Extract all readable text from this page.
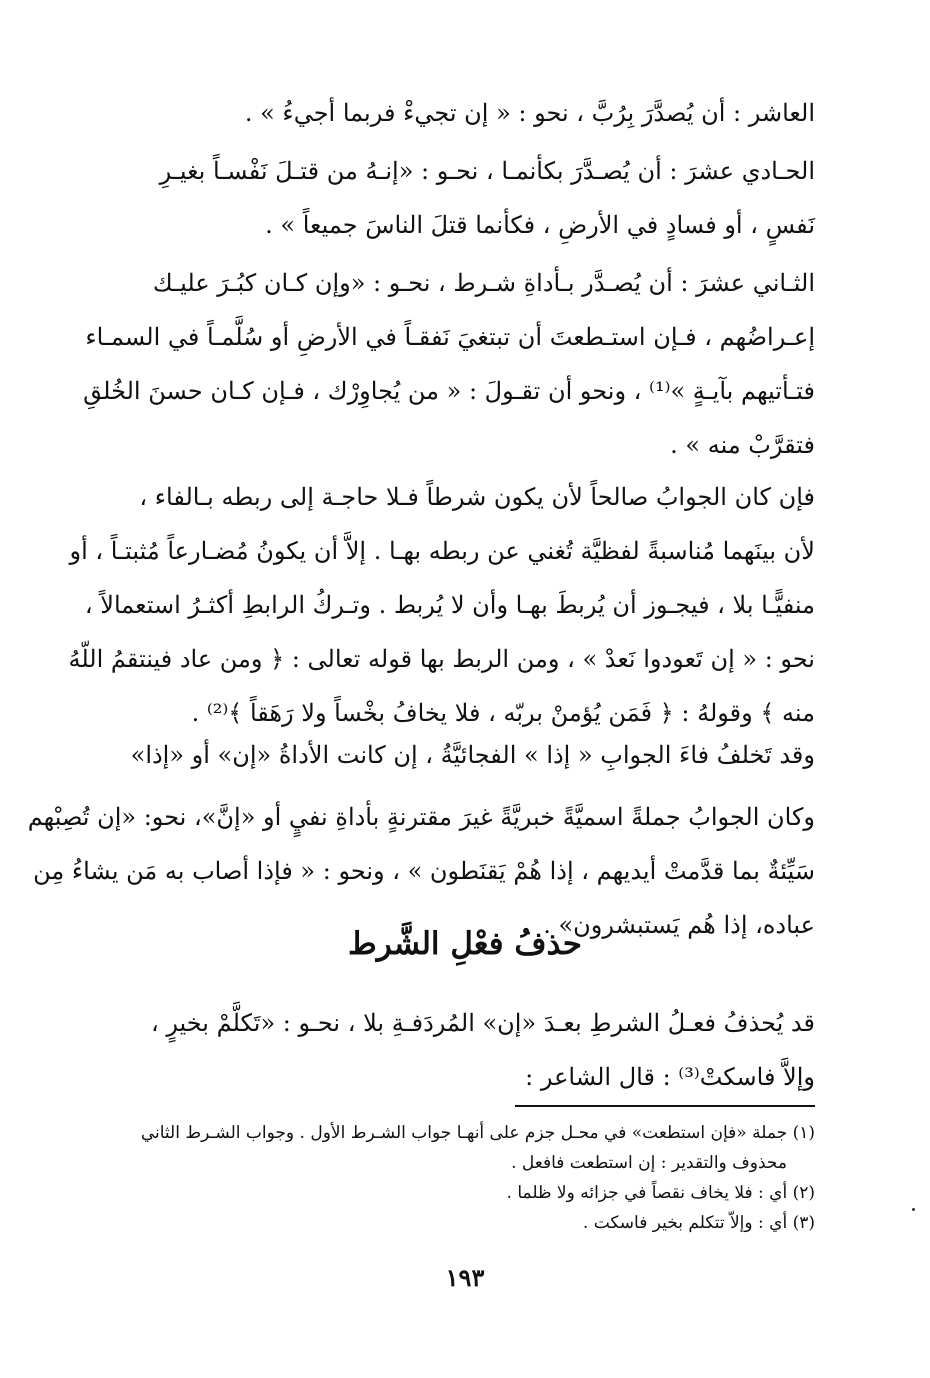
العاشر : أن يُصدَّرَ بِرُبَّ ، نحو : « إن تجيءْ فربما أجيءُ » .
الحـادي عشرَ : أن يُصـدَّرَ بكأنمـا ، نحـو : «إنـهُ من قتـلَ نَفْسـاً بغيـرِ
نَفسٍ ، أو فسادٍ في الأرضِ ، فكأنما قتلَ الناسَ جميعاً » .
الثـاني عشرَ : أن يُصـدَّر بـأداةِ شـرط ، نحـو : «وإن كـان كبُـرَ عليـك
إعـراضُهم ، فـإن استـطعتَ أن تبتغيَ نَفقـاً في الأرضِ أو سُلَّمـاً في السمـاء
فتـأتيهم بآيـةٍ »⁽¹⁾ ، ونحو أن تقـولَ : « من يُجاوِرْك ، فـإن كـان حسنَ الخُلقِ
فتقرَّبْ منه » .
فإن كان الجوابُ صالحاً لأن يكون شرطاً فـلا حاجـة إلى ربطه بـالفاء ،
لأن بينَهما مُناسبةً لفظيَّة تُغني عن ربطه بهـا . إلاَّ أن يكونُ مُضـارعاً مُثبتـاً ، أو
منفيًّـا بلا ، فيجـوز أن يُربطَ بهـا وأن لا يُربط . وتـركُ الرابطِ أكثـرُ استعمالاً ،
نحو : « إن تَعودوا نَعدْ » ، ومن الربط بها قوله تعالى : ﴿ ومن عاد فينتقمُ اللّهُ
منه ﴾ وقولهُ : ﴿ فَمَن يُؤمنْ بربّه ، فلا يخافُ بخْساً ولا رَهَقاً ﴾⁽²⁾ .
وقد تَخلفُ فاءَ الجوابِ « إذا » الفجائيَّةُ ، إن كانت الأداةُ «إن» أو «إذا»
وكان الجوابُ جملةً اسميَّةً خبريَّةً غيرَ مقترنةٍ بأداةِ نفيٍ أو «إنَّ»، نحو: «إن تُصِبْهم
سَيِّئةٌ بما قدَّمتْ أيديهم ، إذا هُمْ يَقنَطون » ، ونحو : « فإذا أصاب به مَن يشاءُ مِن
عباده، إذا هُم يَستبشرون» .
حذفُ فعْلِ الشَّرط
قد يُحذفُ فعـلُ الشرطِ بعـدَ «إن» المُردَفـةِ بلا ، نحـو : «تَكلَّمْ بخيرٍ ،
وإلاَّ فاسكتْ⁽³⁾ : قال الشاعر :
(١) جملة «فإن استطعت» في محـل جزم على أنهـا جواب الشـرط الأول . وجواب الشـرط الثاني
محذوف والتقدير : إن استطعت فافعل .
(٢) أي : فلا يخاف نقصاً في جزائه ولا ظلما .
(٣) أي : وإلاّ تتكلم بخير فاسكت .
١٩٣
